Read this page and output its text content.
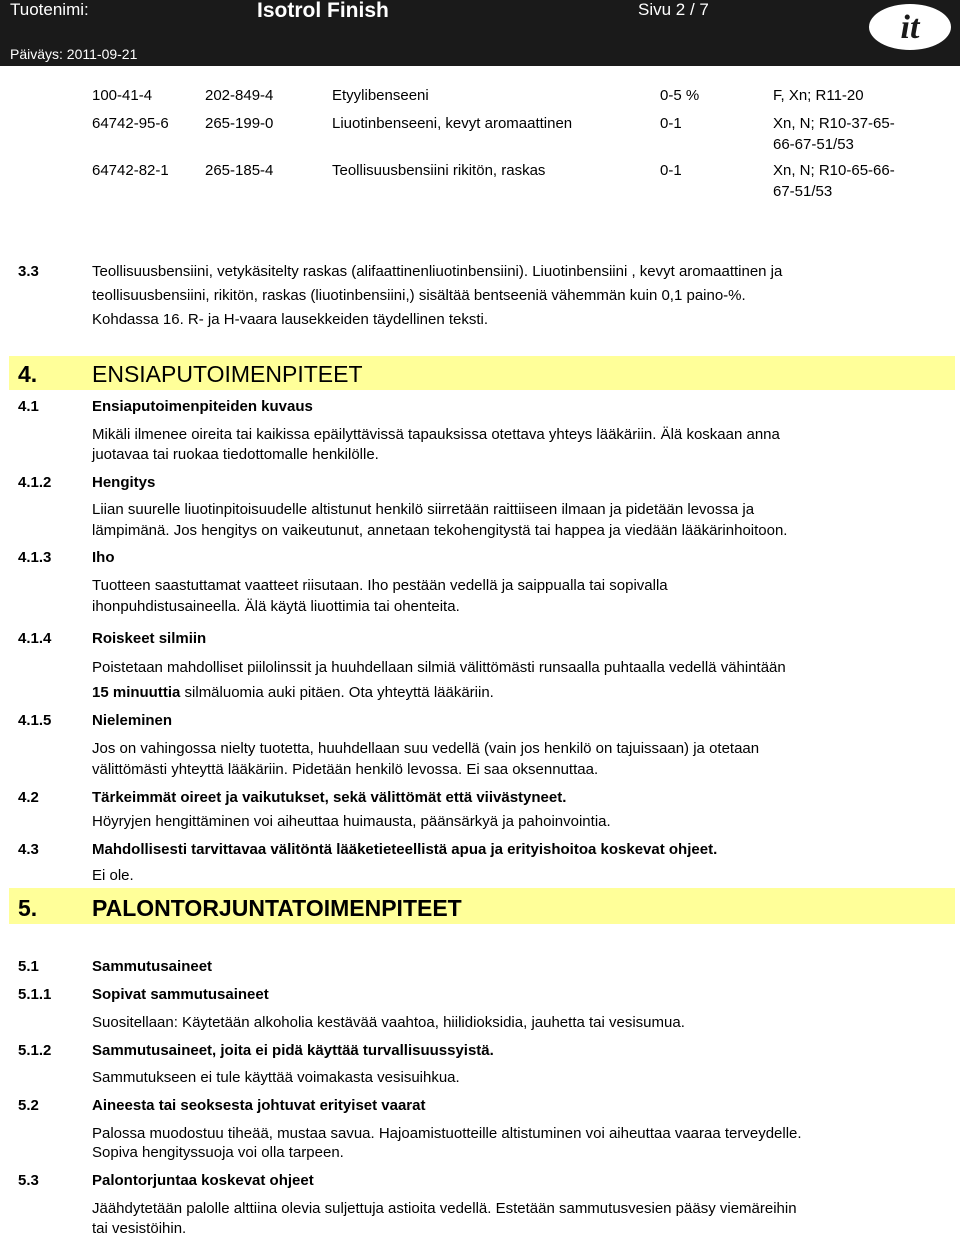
Tuotenimi:	Isotrol Finish	Sivu 2 / 7
Päiväys: 2011-09-21
it
100-41-4	202-849-4	Etyylibenseeni	0-5 %	F, Xn; R11-20
64742-95-6 265-199-0	Liuotinbenseeni, kevyt aromaattinen	0-1	Xn, N; R10-37-65-
66-67-51/53
64742-82-1 265-185-4	Teollisuusbensiini rikitön, raskas	0-1	Xn, N; R10-65-66-
67-51/53
3.3	Teollisuusbensiini, vetykäsitelty raskas (alifaattinenliuotinbensiini). Liuotinbensiini , kevyt aromaattinen ja
teollisuusbensiini, rikitön, raskas (liuotinbensiini,) sisältää bentseeniä vähemmän kuin 0,1 paino-%.
Kohdassa 16. R- ja H-vaara lausekkeiden täydellinen teksti.
4. ENSIAPUTOIMENPITEET
4.1	Ensiaputoimenpiteiden kuvaus
Mikäli ilmenee oireita tai kaikissa epäilyttävissä tapauksissa otettava yhteys lääkäriin. Älä koskaan anna
juotavaa tai ruokaa tiedottomalle henkilölle.
4.1.2	Hengitys
Liian suurelle liuotinpitoisuudelle altistunut henkilö siirretään raittiiseen ilmaan ja pidetään levossa ja
lämpimänä. Jos hengitys on vaikeutunut, annetaan tekohengitystä tai happea ja viedään lääkärinhoitoon.
4.1.3	Iho
Tuotteen saastuttamat vaatteet riisutaan. Iho pestään vedellä ja saippualla tai sopivalla
ihonpuhdistusaineella. Älä käytä liuottimia tai ohenteita.
4.1.4	Roiskeet silmiin
Poistetaan mahdolliset piilolinssit ja huuhdellaan silmiä välittömästi runsaalla puhtaalla vedellä vähintään
15 minuuttia silmäluomia auki pitäen. Ota yhteyttä lääkäriin.
4.1.5	Nieleminen
Jos on vahingossa nielty tuotetta, huuhdellaan suu vedellä (vain jos henkilö on tajuissaan) ja otetaan
välittömästi yhteyttä lääkäriin. Pidetään henkilö levossa. Ei saa oksennuttaa.
4.2	Tärkeimmät oireet ja vaikutukset, sekä välittömät että viivästyneet.
Höyryjen hengittäminen voi aiheuttaa huimausta, päänsärkyä ja pahoinvointia.
4.3	Mahdollisesti tarvittavaa välitöntä lääketieteellistä apua ja erityishoitoa koskevat ohjeet.
Ei ole.
5. PALONTORJUNTATOIMENPITEET
5.1	Sammutusaineet
5.1.1	Sopivat sammutusaineet
Suositellaan: Käytetään alkoholia kestävää vaahtoa, hiilidioksidia, jauhetta tai vesisumua.
5.1.2	Sammutusaineet, joita ei pidä käyttää turvallisuussyistä.
Sammutukseen ei tule käyttää voimakasta vesisuihkua.
5.2	Aineesta tai seoksesta johtuvat erityiset vaarat
Palossa muodostuu tiheää, mustaa savua. Hajoamistuotteille altistuminen voi aiheuttaa vaaraa terveydelle.
Sopiva hengityssuoja voi olla tarpeen.
5.3	Palontorjuntaa koskevat ohjeet
Jäähdytetään palolle alttiina olevia suljettuja astioita vedellä. Estetään sammutusvesien pääsy viemäreihin
tai vesistöihin.
